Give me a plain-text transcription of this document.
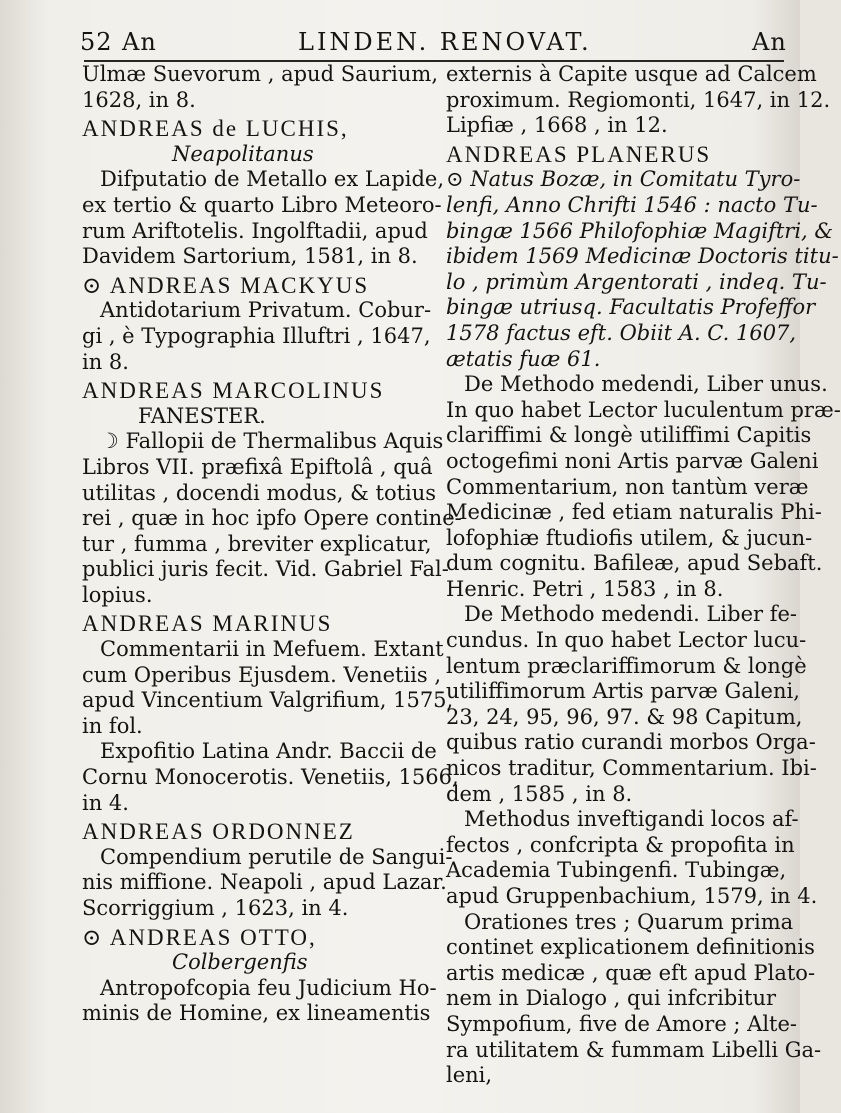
52 An	LINDEN. RENOVAT.	An
Ulmæ Suevorum , apud Saurium,
1628, in 8.
ANDREAS de LUCHIS,
Neapolitanus
Difputatio de Metallo ex Lapide,
ex tertio & quarto Libro Meteoro-
rum Ariftotelis. Ingolftadii, apud
Davidem Sartorium, 1581, in 8.
⊙ ANDREAS MACKYUS
Antidotarium Privatum. Cobur-
gi , è Typographia Illuftri , 1647,
in 8.
ANDREAS MARCOLINUS
FANESTER.
☽ Fallopii de Thermalibus Aquis
Libros VII. præfixâ Epiftolâ , quâ
utilitas , docendi modus, & totius
rei , quæ in hoc ipfo Opere contine-
tur , fumma , breviter explicatur,
publici juris fecit. Vid. Gabriel Fal-
lopius.
ANDREAS MARINUS
Commentarii in Mefuem. Extant
cum Operibus Ejusdem. Venetiis ,
apud Vincentium Valgrifium, 1575,
in fol.
Expofitio Latina Andr. Baccii de
Cornu Monocerotis. Venetiis, 1566,
in 4.
ANDREAS ORDONNEZ
Compendium perutile de Sangui-
nis miffione. Neapoli , apud Lazar.
Scorriggium , 1623, in 4.
⊙ ANDREAS OTTO,
Colbergenfis
Antropofcopia feu Judicium Ho-
minis de Homine, ex lineamentis
externis à Capite usque ad Calcem
proximum. Regiomonti, 1647, in 12.
Lipfiæ , 1668 , in 12.
ANDREAS PLANERUS
⊙ Natus Bozæ, in Comitatu Tyro-
lenfi, Anno Chrifti 1546 : nacto Tu-
bingæ 1566 Philofophiæ Magiftri, &
ibidem 1569 Medicinæ Doctoris titu-
lo , primùm Argentorati , indeq. Tu-
bingæ utriusq. Facultatis Profeffor
1578 factus eft. Obiit A. C. 1607,
ætatis fuæ 61.
De Methodo medendi, Liber unus.
In quo habet Lector luculentum præ-
clariffimi & longè utiliffimi Capitis
octogefimi noni Artis parvæ Galeni
Commentarium, non tantùm veræ
Medicinæ , fed etiam naturalis Phi-
lofophiæ ftudiofis utilem, & jucun-
dum cognitu. Bafileæ, apud Sebaft.
Henric. Petri , 1583 , in 8.
De Methodo medendi. Liber fe-
cundus. In quo habet Lector lucu-
lentum præclariffimorum & longè
utiliffimorum Artis parvæ Galeni,
23, 24, 95, 96, 97. & 98 Capitum,
quibus ratio curandi morbos Orga-
nicos traditur, Commentarium. Ibi-
dem , 1585 , in 8.
Methodus inveftigandi locos af-
fectos , confcripta & propofita in
Academia Tubingenfi. Tubingæ,
apud Gruppenbachium, 1579, in 4.
Orationes tres ; Quarum prima
continet explicationem definitionis
artis medicæ , quæ eft apud Plato-
nem in Dialogo , qui infcribitur
Sympofium, five de Amore ; Alte-
ra utilitatem & fummam Libelli Ga-
leni,
